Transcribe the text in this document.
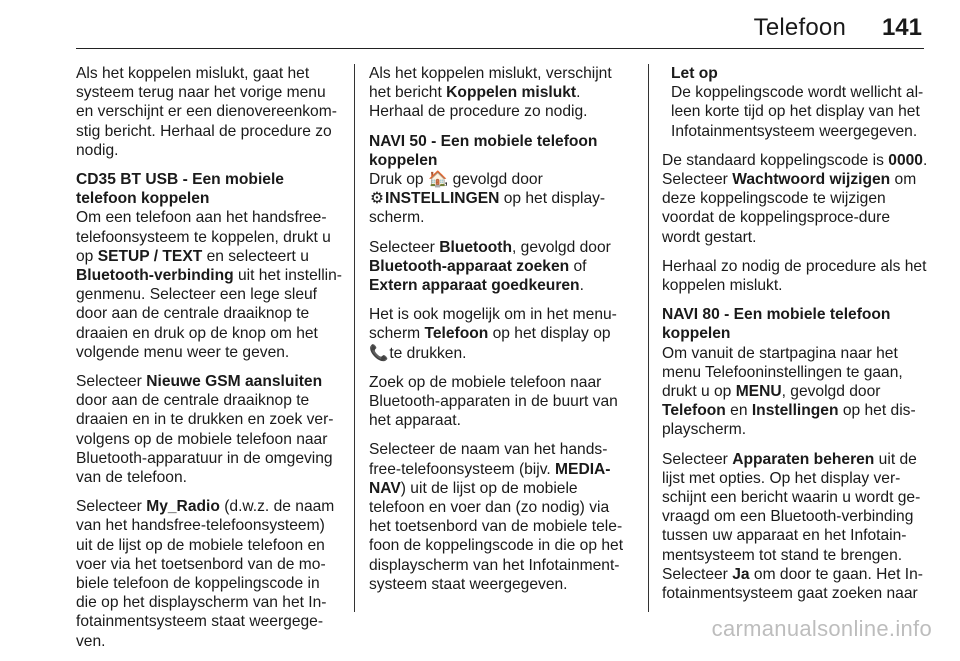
Telefoon 141

Als het koppelen mislukt, gaat het systeem terug naar het vorige menu en verschijnt er een dienovereenkom-stig bericht. Herhaal de procedure zo nodig.

CD35 BT USB - Een mobiele telefoon koppelen

Om een telefoon aan het handsfree-telefoonsysteem te koppelen, drukt u op SETUP / TEXT en selecteert u Bluetooth-verbinding uit het instellin-genmenu. Selecteer een lege sleuf door aan de centrale draaiknop te draaien en druk op de knop om het volgende menu weer te geven.

Selecteer Nieuwe GSM aansluiten door aan de centrale draaiknop te draaien en in te drukken en zoek ver-volgens op de mobiele telefoon naar Bluetooth-apparatuur in de omgeving van de telefoon.

Selecteer My_Radio (d.w.z. de naam van het handsfree-telefoonsysteem) uit de lijst op de mobiele telefoon en voer via het toetsenbord van de mo-biele telefoon de koppelingscode in die op het displayscherm van het In-fotainmentsysteem staat weergege-ven.

Als het koppelen mislukt, verschijnt het bericht Koppelen mislukt. Herhaal de procedure zo nodig.

NAVI 50 - Een mobiele telefoon koppelen

Druk op 🏠, gevolgd door
⚙INSTELLINGEN op het display-scherm.

Selecteer Bluetooth, gevolgd door Bluetooth-apparaat zoeken of Extern apparaat goedkeuren.

Het is ook mogelijk om in het menu-scherm Telefoon op het display op
📞 te drukken.

Zoek op de mobiele telefoon naar Bluetooth-apparaten in de buurt van het apparaat.

Selecteer de naam van het hands-free-telefoonsysteem (bijv. MEDIA-NAV) uit de lijst op de mobiele telefoon en voer dan (zo nodig) via het toetsenbord van de mobiele tele-foon de koppelingscode in die op het displayscherm van het Infotainment-systeem staat weergegeven.

Let op
De koppelingscode wordt wellicht al-leen korte tijd op het display van het Infotainmentsysteem weergegeven.

De standaard koppelingscode is 0000. Selecteer Wachtwoord wijzigen om deze koppelingscode te wijzigen voordat de koppelingsproce-dure wordt gestart.

Herhaal zo nodig de procedure als het koppelen mislukt.

NAVI 80 - Een mobiele telefoon koppelen

Om vanuit de startpagina naar het menu Telefooninstellingen te gaan, drukt u op MENU, gevolgd door Telefoon en Instellingen op het dis-playscherm.

Selecteer Apparaten beheren uit de lijst met opties. Op het display ver-schijnt een bericht waarin u wordt ge-vraagd om een Bluetooth-verbinding tussen uw apparaat en het Infotain-mentsysteem tot stand te brengen. Selecteer Ja om door te gaan. Het In-fotainmentsysteem gaat zoeken naar

carmanualsonline.info
